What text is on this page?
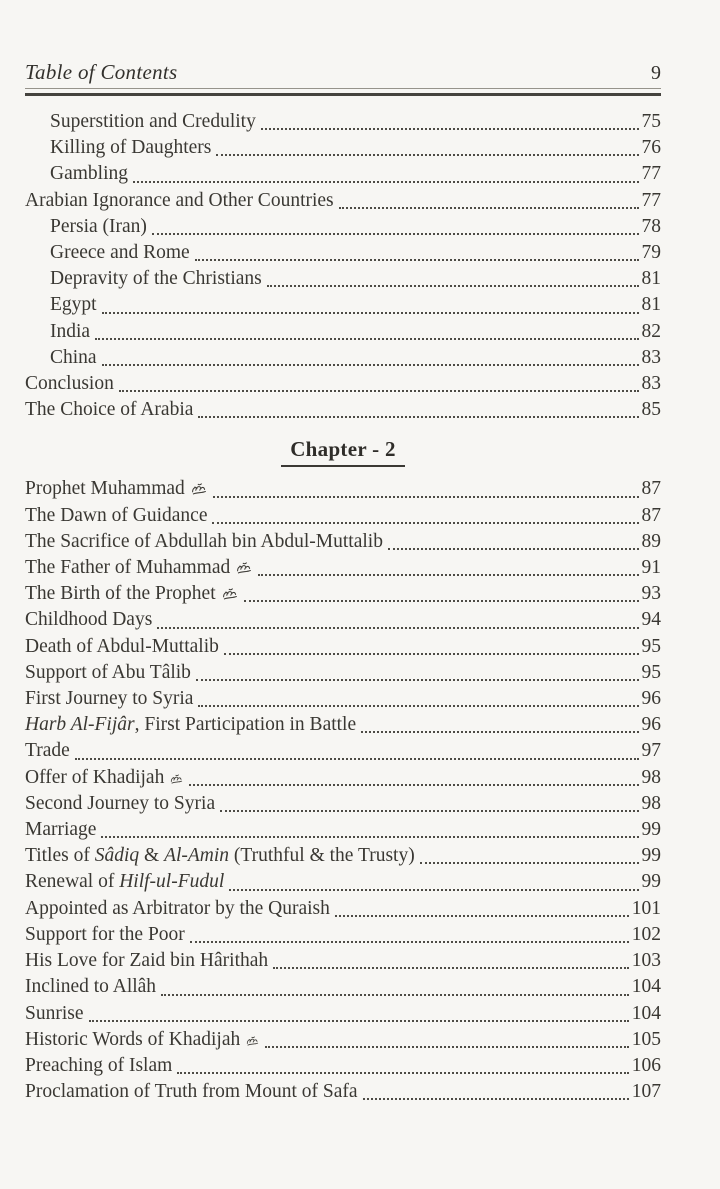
Table of Contents	9
Superstition and Credulity	75
Killing of Daughters	76
Gambling	77
Arabian Ignorance and Other Countries	77
Persia (Iran)	78
Greece and Rome	79
Depravity of the Christians	81
Egypt	81
India	82
China	83
Conclusion	83
The Choice of Arabia	85
Chapter - 2
Prophet Muhammad	87
The Dawn of Guidance	87
The Sacrifice of Abdullah bin Abdul-Muttalib	89
The Father of Muhammad	91
The Birth of the Prophet	93
Childhood Days	94
Death of Abdul-Muttalib	95
Support of Abu Tâlib	95
First Journey to Syria	96
Harb Al-Fijâr, First Participation in Battle	96
Trade	97
Offer of Khadijah	98
Second Journey to Syria	98
Marriage	99
Titles of Sâdiq & Al-Amin (Truthful & the Trusty)	99
Renewal of Hilf-ul-Fudul	99
Appointed as Arbitrator by the Quraish	101
Support for the Poor	102
His Love for Zaid bin Hârithah	103
Inclined to Allâh	104
Sunrise	104
Historic Words of Khadijah	105
Preaching of Islam	106
Proclamation of Truth from Mount of Safa	107
